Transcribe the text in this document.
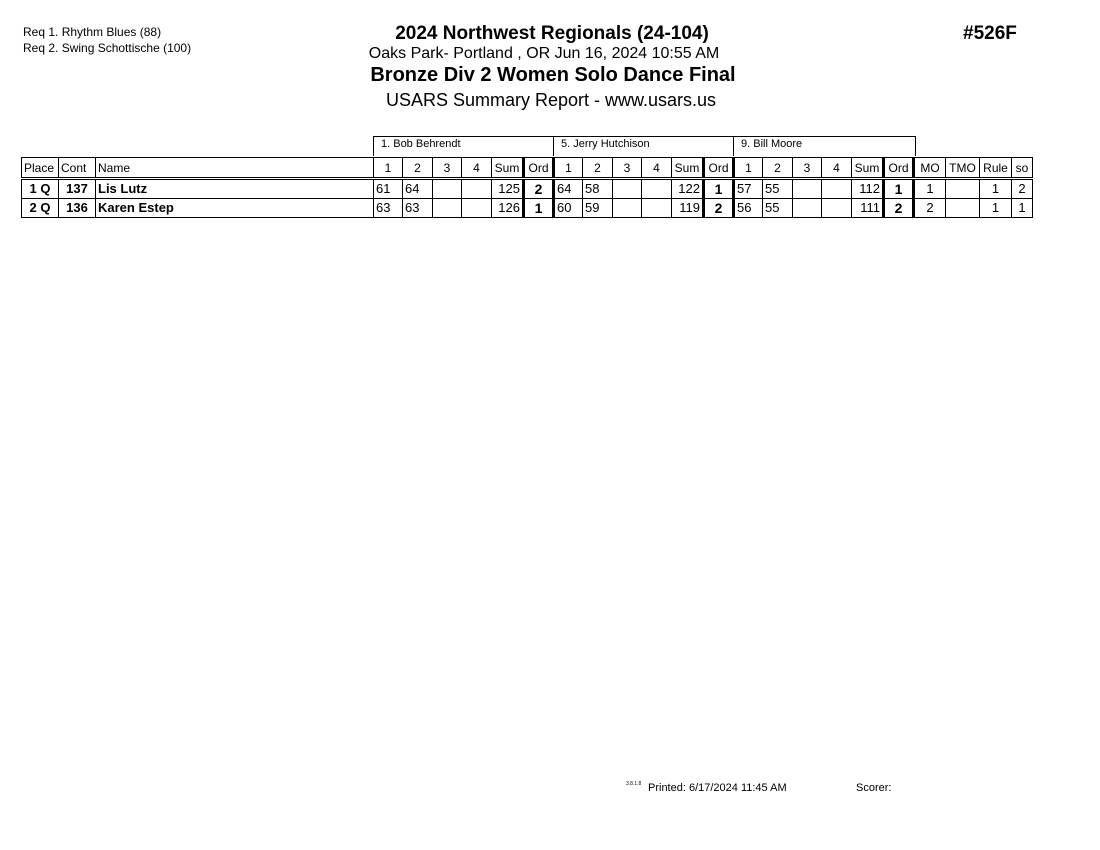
Req 1. Rhythm Blues (88)
Req 2. Swing Schottische (100)
2024 Northwest Regionals (24-104)
Oaks Park- Portland , OR Jun 16, 2024 10:55 AM
Bronze Div 2 Women Solo Dance Final
USARS Summary Report - www.usars.us
#526F
1. Bob Behrendt	5. Jerry Hutchison	9. Bill Moore
Place	Cont	Name	1	2	3	4	Sum	Ord	1	2	3	4	Sum	Ord	1	2	3	4	Sum	Ord	MO	TMO	Rule	so
1 Q	137	Lis Lutz	61	64			125	2	64	58			122	1	57	55			112	1	1		1	2
2 Q	136	Karen Estep	63	63			126	1	60	59			119	2	56	55			111	2	2		1	1
3.8.1.8 Printed: 6/17/2024 11:45 AM	Scorer:
